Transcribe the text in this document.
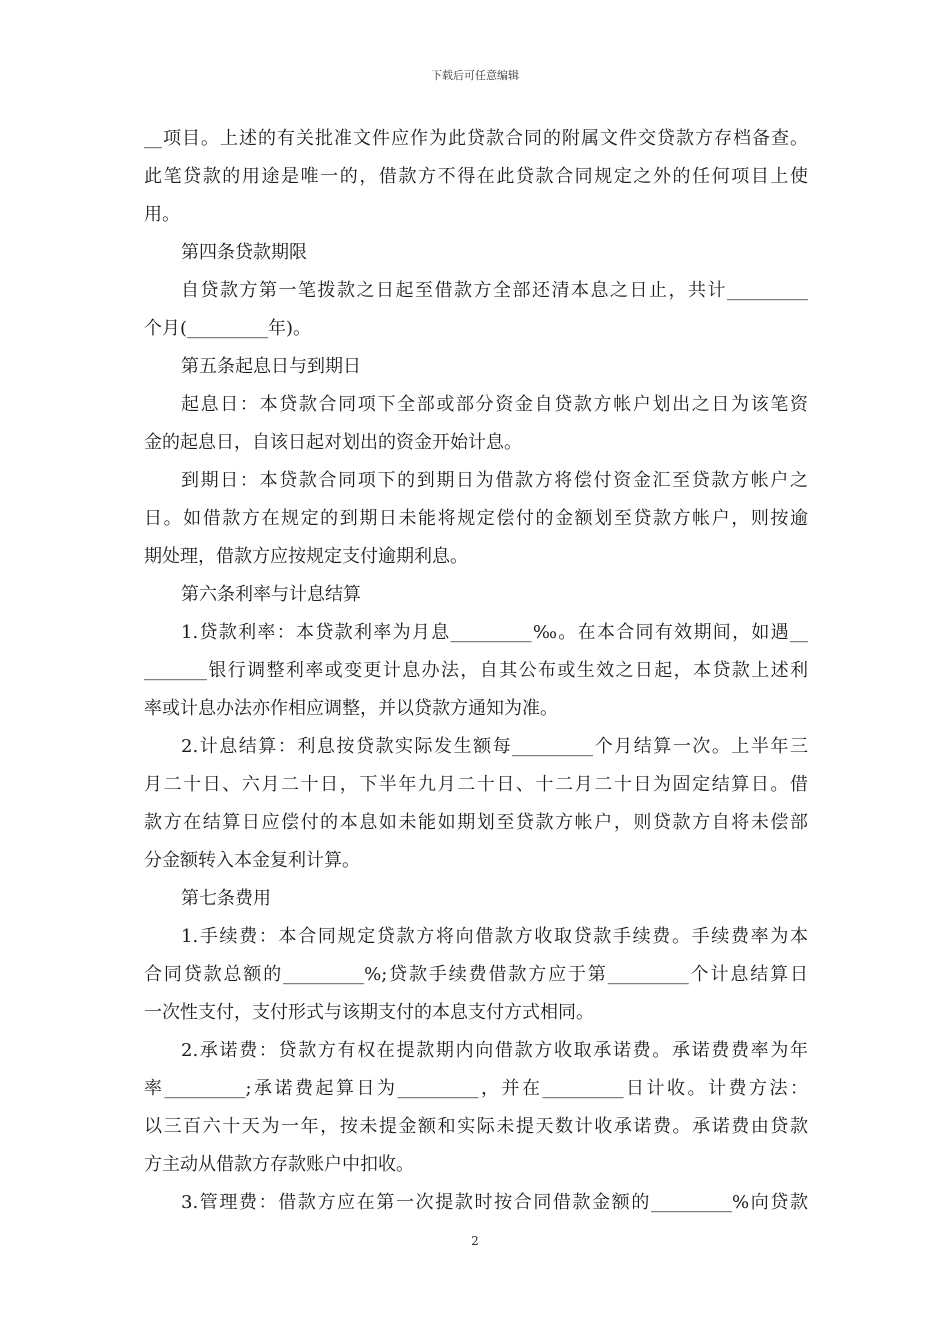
下载后可任意编辑
__项目。上述的有关批准文件应作为此贷款合同的附属文件交贷款方存档备查。
此笔贷款的用途是唯一的，借款方不得在此贷款合同规定之外的任何项目上使
用。
第四条贷款期限
自贷款方第一笔拨款之日起至借款方全部还清本息之日止，共计_________
个月(_________年)。
第五条起息日与到期日
起息日：本贷款合同项下全部或部分资金自贷款方帐户划出之日为该笔资
金的起息日，自该日起对划出的资金开始计息。
到期日：本贷款合同项下的到期日为借款方将偿付资金汇至贷款方帐户之
日。如借款方在规定的到期日未能将规定偿付的金额划至贷款方帐户，则按逾
期处理，借款方应按规定支付逾期利息。
第六条利率与计息结算
1.贷款利率：本贷款利率为月息_________‰。在本合同有效期间，如遇__
_______银行调整利率或变更计息办法，自其公布或生效之日起，本贷款上述利
率或计息办法亦作相应调整，并以贷款方通知为准。
2.计息结算：利息按贷款实际发生额每_________个月结算一次。上半年三
月二十日、六月二十日，下半年九月二十日、十二月二十日为固定结算日。借
款方在结算日应偿付的本息如未能如期划至贷款方帐户，则贷款方自将未偿部
分金额转入本金复利计算。
第七条费用
1.手续费：本合同规定贷款方将向借款方收取贷款手续费。手续费率为本
合同贷款总额的_________%;贷款手续费借款方应于第_________个计息结算日
一次性支付，支付形式与该期支付的本息支付方式相同。
2.承诺费：贷款方有权在提款期内向借款方收取承诺费。承诺费费率为年
率_________;承诺费起算日为_________，并在_________日计收。计费方法：
以三百六十天为一年，按未提金额和实际未提天数计收承诺费。承诺费由贷款
方主动从借款方存款账户中扣收。
3.管理费：借款方应在第一次提款时按合同借款金额的_________%向贷款
2
